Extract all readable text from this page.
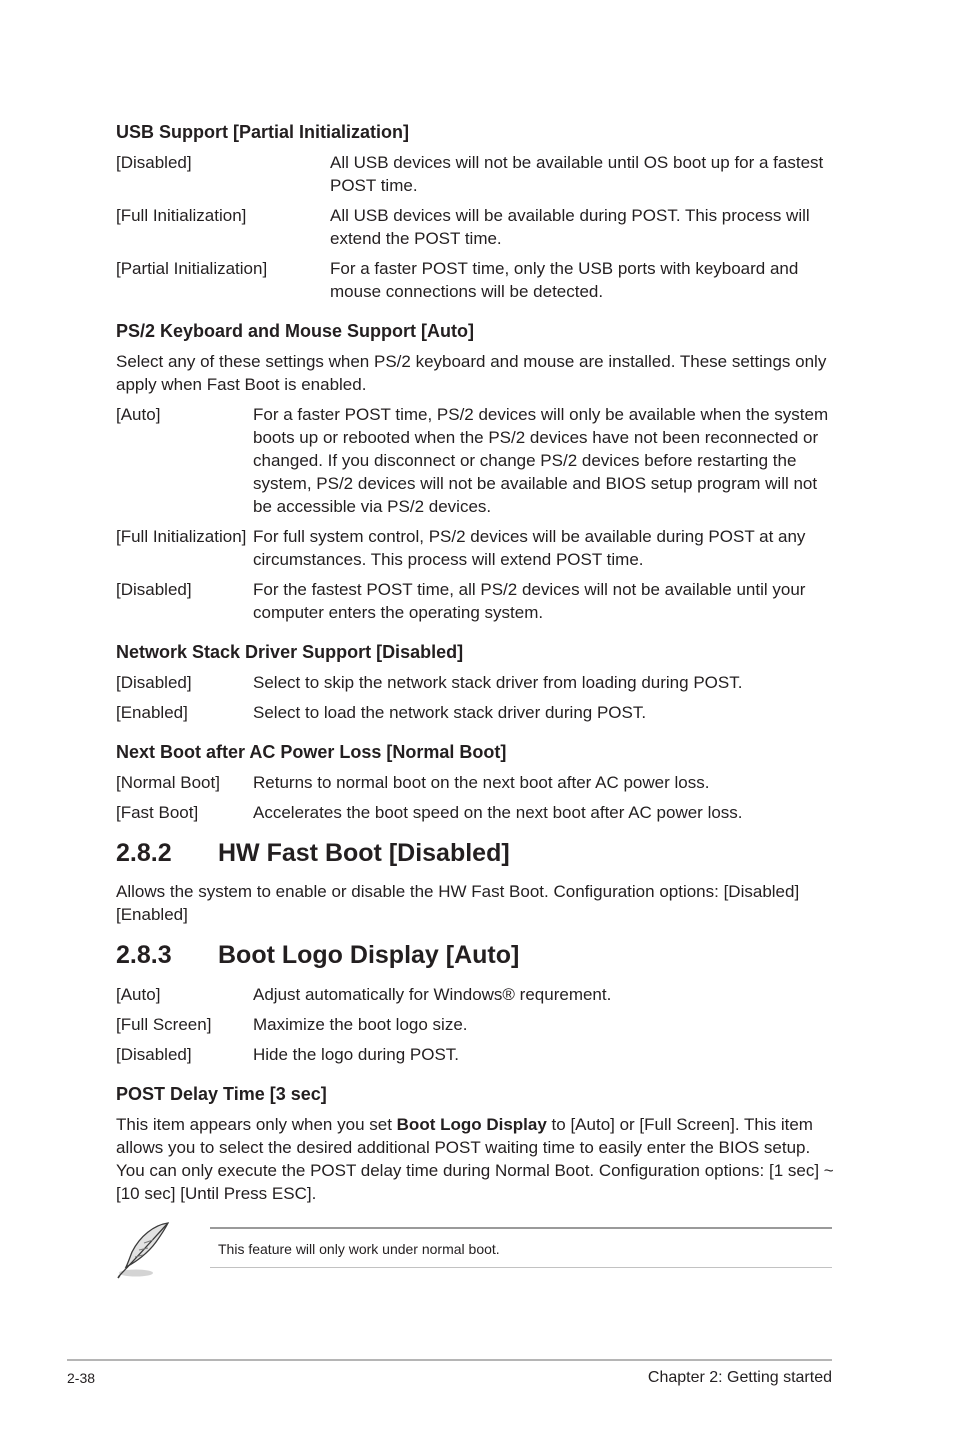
USB Support [Partial Initialization]
[Disabled]	All USB devices will not be available until OS boot up for a fastest POST time.
[Full Initialization]	All USB devices will be available during POST. This process will extend the POST time.
[Partial Initialization]	For a faster POST time, only the USB ports with keyboard and mouse connections will be detected.
PS/2 Keyboard and Mouse Support [Auto]
Select any of these settings when PS/2 keyboard and mouse are installed. These settings only apply when Fast Boot is enabled.
[Auto]	For a faster POST time, PS/2 devices will only be available when the system boots up or rebooted when the PS/2 devices have not been reconnected or changed. If you disconnect or change PS/2 devices before restarting the system, PS/2 devices will not be available and BIOS setup program will not be accessible via PS/2 devices.
[Full Initialization] For full system control, PS/2 devices will be available during POST at any circumstances. This process will extend POST time.
[Disabled]	For the fastest POST time, all PS/2 devices will not be available until your computer enters the operating system.
Network Stack Driver Support [Disabled]
[Disabled]	Select to skip the network stack driver from loading during POST.
[Enabled]	Select to load the network stack driver during POST.
Next Boot after AC Power Loss [Normal Boot]
[Normal Boot]	Returns to normal boot on the next boot after AC power loss.
[Fast Boot]	Accelerates the boot speed on the next boot after AC power loss.
2.8.2 HW Fast Boot [Disabled]
Allows the system to enable or disable the HW Fast Boot. Configuration options: [Disabled] [Enabled]
2.8.3 Boot Logo Display [Auto]
[Auto]	Adjust automatically for Windows® requrement.
[Full Screen]	Maximize the boot logo size.
[Disabled]	Hide the logo during POST.
POST Delay Time [3 sec]
This item appears only when you set Boot Logo Display to [Auto] or [Full Screen]. This item allows you to select the desired additional POST waiting time to easily enter the BIOS setup. You can only execute the POST delay time during Normal Boot. Configuration options: [1 sec] ~ [10 sec] [Until Press ESC].
This feature will only work under normal boot.
2-38	Chapter 2: Getting started
